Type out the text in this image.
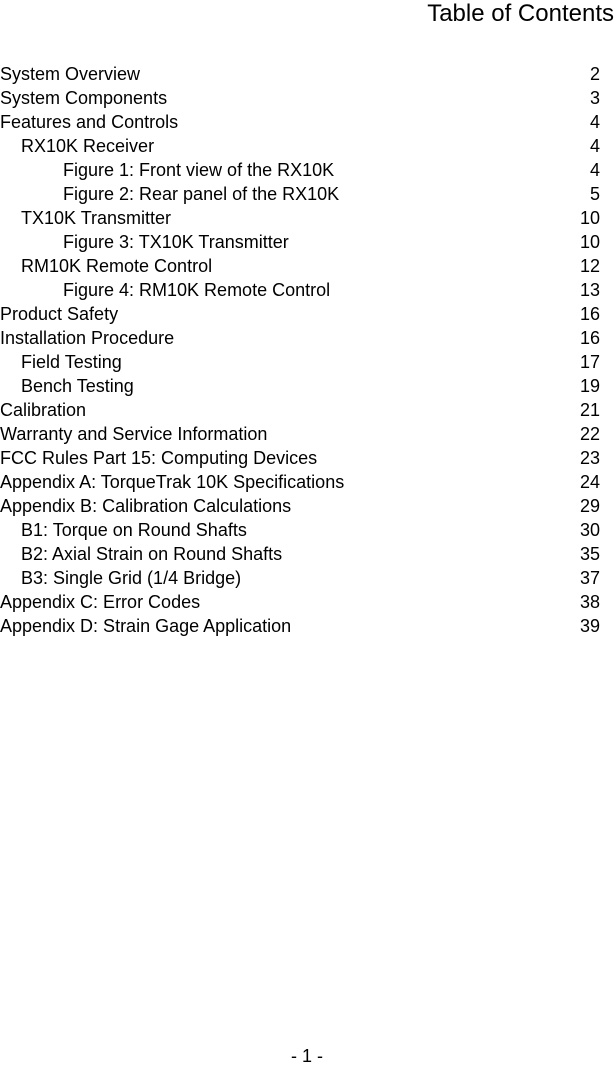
Table of Contents
System Overview	2
System Components	3
Features and Controls	4
RX10K Receiver	4
Figure 1: Front view of the RX10K	4
Figure 2: Rear panel of the RX10K	5
TX10K Transmitter	10
Figure 3: TX10K Transmitter	10
RM10K Remote Control	12
Figure 4: RM10K Remote Control	13
Product Safety	16
Installation Procedure	16
Field Testing	17
Bench Testing	19
Calibration	21
Warranty and Service Information	22
FCC Rules Part 15: Computing Devices	23
Appendix A: TorqueTrak 10K Specifications	24
Appendix B: Calibration Calculations	29
B1: Torque on Round Shafts	30
B2: Axial Strain on Round Shafts	35
B3: Single Grid (1/4 Bridge)	37
Appendix C: Error Codes	38
Appendix D: Strain Gage Application	39
- 1 -
